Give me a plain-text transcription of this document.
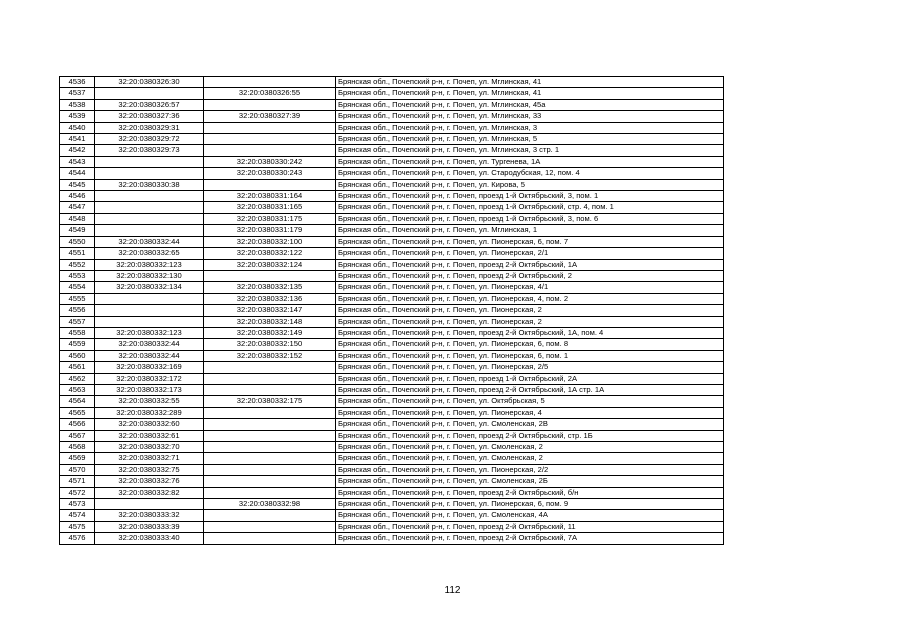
4536	32:20:0380326:30		Брянская обл., Почепский р-н, г. Почеп, ул. Мглинская, 41
4537		32:20:0380326:55	Брянская обл., Почепский р-н, г. Почеп, ул. Мглинская, 41
4538	32:20:0380326:57		Брянская обл., Почепский р-н, г. Почеп, ул. Мглинская, 45а
4539	32:20:0380327:36	32:20:0380327:39	Брянская обл., Почепский р-н, г. Почеп, ул. Мглинская, 33
4540	32:20:0380329:31		Брянская обл., Почепский р-н, г. Почеп, ул. Мглинская, 3
4541	32:20:0380329:72		Брянская обл., Почепский р-н, г. Почеп, ул. Мглинская, 5
4542	32:20:0380329:73		Брянская обл., Почепский р-н, г. Почеп, ул. Мглинская, 3 стр. 1
4543		32:20:0380330:242	Брянская обл., Почепский р-н, г. Почеп, ул. Тургенева, 1А
4544		32:20:0380330:243	Брянская обл., Почепский р-н, г. Почеп, ул. Стародубская, 12, пом. 4
4545	32:20:0380330:38		Брянская обл., Почепский р-н, г. Почеп, ул. Кирова, 5
4546		32:20:0380331:164	Брянская обл., Почепский р-н, г. Почеп, проезд 1-й Октябрьский, 3, пом. 1
4547		32:20:0380331:165	Брянская обл., Почепский р-н, г. Почеп, проезд 1-й Октябрьский, стр. 4, пом. 1
4548		32:20:0380331:175	Брянская обл., Почепский р-н, г. Почеп, проезд 1-й Октябрьский, 3, пом. 6
4549		32:20:0380331:179	Брянская обл., Почепский р-н, г. Почеп, ул. Мглинская, 1
4550	32:20:0380332:44	32:20:0380332:100	Брянская обл., Почепский р-н, г. Почеп, ул. Пионерская, 6, пом. 7
4551	32:20:0380332:65	32:20:0380332:122	Брянская обл., Почепский р-н, г. Почеп, ул. Пионерская, 2/1
4552	32:20:0380332:123	32:20:0380332:124	Брянская обл., Почепский р-н, г. Почеп, проезд 2-й Октябрьский, 1А
4553	32:20:0380332:130		Брянская обл., Почепский р-н, г. Почеп, проезд 2-й Октябрьский, 2
4554	32:20:0380332:134	32:20:0380332:135	Брянская обл., Почепский р-н, г. Почеп, ул. Пионерская, 4/1
4555		32:20:0380332:136	Брянская обл., Почепский р-н, г. Почеп, ул. Пионерская, 4, пом. 2
4556		32:20:0380332:147	Брянская обл., Почепский р-н, г. Почеп, ул. Пионерская, 2
4557		32:20:0380332:148	Брянская обл., Почепский р-н, г. Почеп, ул. Пионерская, 2
4558	32:20:0380332:123	32:20:0380332:149	Брянская обл., Почепский р-н, г. Почеп, проезд 2-й Октябрьский, 1А, пом. 4
4559	32:20:0380332:44	32:20:0380332:150	Брянская обл., Почепский р-н, г. Почеп, ул. Пионерская, 6, пом. 8
4560	32:20:0380332:44	32:20:0380332:152	Брянская обл., Почепский р-н, г. Почеп, ул. Пионерская, 6, пом. 1
4561	32:20:0380332:169		Брянская обл., Почепский р-н, г. Почеп, ул. Пионерская, 2/5
4562	32:20:0380332:172		Брянская обл., Почепский р-н, г. Почеп, проезд 1-й Октябрьский, 2А
4563	32:20:0380332:173		Брянская обл., Почепский р-н, г. Почеп, проезд 2-й Октябрьский, 1А стр. 1А
4564	32:20:0380332:55	32:20:0380332:175	Брянская обл., Почепский р-н, г. Почеп, ул. Октябрьская, 5
4565	32:20:0380332:289		Брянская обл., Почепский р-н, г. Почеп, ул. Пионерская, 4
4566	32:20:0380332:60		Брянская обл., Почепский р-н, г. Почеп, ул. Смоленская, 2В
4567	32:20:0380332:61		Брянская обл., Почепский р-н, г. Почеп, проезд 2-й Октябрьский, стр. 1Б
4568	32:20:0380332:70		Брянская обл., Почепский р-н, г. Почеп, ул. Смоленская, 2
4569	32:20:0380332:71		Брянская обл., Почепский р-н, г. Почеп, ул. Смоленская, 2
4570	32:20:0380332:75		Брянская обл., Почепский р-н, г. Почеп, ул. Пионерская, 2/2
4571	32:20:0380332:76		Брянская обл., Почепский р-н, г. Почеп, ул. Смоленская, 2Б
4572	32:20:0380332:82		Брянская обл., Почепский р-н, г. Почеп, проезд 2-й Октябрьский, б/н
4573		32:20:0380332:98	Брянская обл., Почепский р-н, г. Почеп, ул. Пионерская, 6, пом. 9
4574	32:20:0380333:32		Брянская обл., Почепский р-н, г. Почеп, ул. Смоленская, 4А
4575	32:20:0380333:39		Брянская обл., Почепский р-н, г. Почеп, проезд 2-й Октябрьский, 11
4576	32:20:0380333:40		Брянская обл., Почепский р-н, г. Почеп, проезд 2-й Октябрьский, 7А
112
